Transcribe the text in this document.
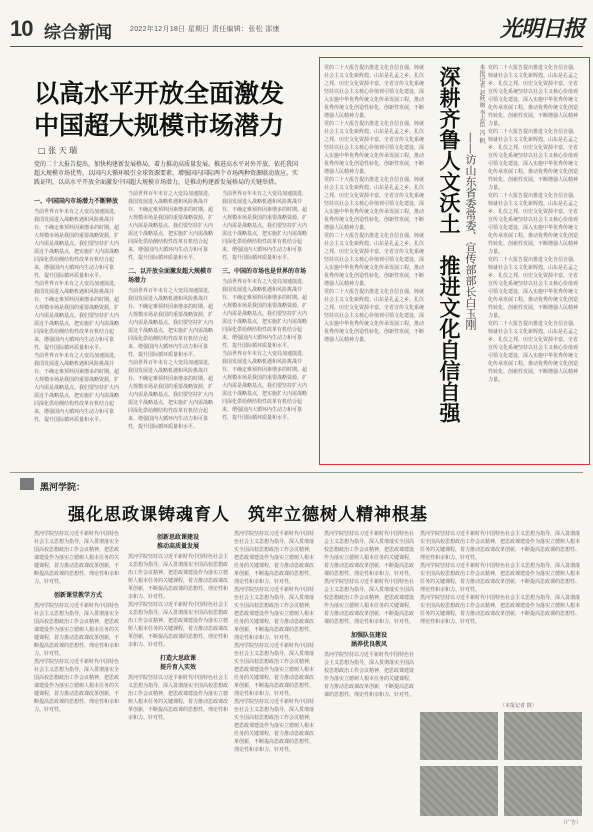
10 综合新闻	2022年12月18日 星期日 责任编辑：张松 邵康	光明日报
以高水平开放全面激发
中国超大规模市场潜力
□ 张 天 瑞
党的二十大报告提出，加快构建新发展格局，着力推动高质量发展。推进高水平对外开放，依托我国超大规模市场优势，以国内大循环吸引全球资源要素，增强国内国际两个市场两种资源联动效应。实践证明，以高水平开放全面激发中国超大规模市场潜力，是推动构建新发展格局的关键举措。
一、中国国内市场潜力不断释放
当前世界百年未有之大变局加速演进，我国发展进入战略机遇和风险挑战并存、不确定难预料因素增多的时期。超大规模市场是我国的重要战略资源，扩大内需是战略基点。我们要坚持扩大内需这个战略基点，把实施扩大内需战略同深化供给侧结构性改革有机结合起来，增强国内大循环内生动力和可靠性，提升国际循环质量和水平。
当前世界百年未有之大变局加速演进，我国发展进入战略机遇和风险挑战并存、不确定难预料因素增多的时期。超大规模市场是我国的重要战略资源，扩大内需是战略基点。我们要坚持扩大内需这个战略基点，把实施扩大内需战略同深化供给侧结构性改革有机结合起来，增强国内大循环内生动力和可靠性，提升国际循环质量和水平。
当前世界百年未有之大变局加速演进，我国发展进入战略机遇和风险挑战并存、不确定难预料因素增多的时期。超大规模市场是我国的重要战略资源，扩大内需是战略基点。我们要坚持扩大内需这个战略基点，把实施扩大内需战略同深化供给侧结构性改革有机结合起来，增强国内大循环内生动力和可靠性，提升国际循环质量和水平。
当前世界百年未有之大变局加速演进，我国发展进入战略机遇和风险挑战并存、不确定难预料因素增多的时期。超大规模市场是我国的重要战略资源，扩大内需是战略基点。我们要坚持扩大内需这个战略基点，把实施扩大内需战略同深化供给侧结构性改革有机结合起来，增强国内大循环内生动力和可靠性，提升国际循环质量和水平。
二、以开放全面激发超大规模市场潜力
当前世界百年未有之大变局加速演进，我国发展进入战略机遇和风险挑战并存、不确定难预料因素增多的时期。超大规模市场是我国的重要战略资源，扩大内需是战略基点。我们要坚持扩大内需这个战略基点，把实施扩大内需战略同深化供给侧结构性改革有机结合起来，增强国内大循环内生动力和可靠性，提升国际循环质量和水平。
当前世界百年未有之大变局加速演进，我国发展进入战略机遇和风险挑战并存、不确定难预料因素增多的时期。超大规模市场是我国的重要战略资源，扩大内需是战略基点。我们要坚持扩大内需这个战略基点，把实施扩大内需战略同深化供给侧结构性改革有机结合起来，增强国内大循环内生动力和可靠性，提升国际循环质量和水平。
当前世界百年未有之大变局加速演进，我国发展进入战略机遇和风险挑战并存、不确定难预料因素增多的时期。超大规模市场是我国的重要战略资源，扩大内需是战略基点。我们要坚持扩大内需这个战略基点，把实施扩大内需战略同深化供给侧结构性改革有机结合起来，增强国内大循环内生动力和可靠性，提升国际循环质量和水平。
三、中国的市场也是世界的市场
当前世界百年未有之大变局加速演进，我国发展进入战略机遇和风险挑战并存、不确定难预料因素增多的时期。超大规模市场是我国的重要战略资源，扩大内需是战略基点。我们要坚持扩大内需这个战略基点，把实施扩大内需战略同深化供给侧结构性改革有机结合起来，增强国内大循环内生动力和可靠性，提升国际循环质量和水平。
当前世界百年未有之大变局加速演进，我国发展进入战略机遇和风险挑战并存、不确定难预料因素增多的时期。超大规模市场是我国的重要战略资源，扩大内需是战略基点。我们要坚持扩大内需这个战略基点，把实施扩大内需战略同深化供给侧结构性改革有机结合起来，增强国内大循环内生动力和可靠性，提升国际循环质量和水平。
党的二十大报告提出推进文化自信自强，铸就社会主义文化新辉煌。山东是孔孟之乡、礼仪之邦，历史文化资源丰富。全省宣传文化系统坚持以社会主义核心价值观引领文化建设，深入实施中华优秀传统文化传承发展工程，推动优秀传统文化创造性转化、创新性发展，不断增强人民精神力量。
党的二十大报告提出推进文化自信自强，铸就社会主义文化新辉煌。山东是孔孟之乡、礼仪之邦，历史文化资源丰富。全省宣传文化系统坚持以社会主义核心价值观引领文化建设，深入实施中华优秀传统文化传承发展工程，推动优秀传统文化创造性转化、创新性发展，不断增强人民精神力量。
党的二十大报告提出推进文化自信自强，铸就社会主义文化新辉煌。山东是孔孟之乡、礼仪之邦，历史文化资源丰富。全省宣传文化系统坚持以社会主义核心价值观引领文化建设，深入实施中华优秀传统文化传承发展工程，推动优秀传统文化创造性转化、创新性发展，不断增强人民精神力量。
党的二十大报告提出推进文化自信自强，铸就社会主义文化新辉煌。山东是孔孟之乡、礼仪之邦，历史文化资源丰富。全省宣传文化系统坚持以社会主义核心价值观引领文化建设，深入实施中华优秀传统文化传承发展工程，推动优秀传统文化创造性转化、创新性发展，不断增强人民精神力量。
党的二十大报告提出推进文化自信自强，铸就社会主义文化新辉煌。山东是孔孟之乡、礼仪之邦，历史文化资源丰富。全省宣传文化系统坚持以社会主义核心价值观引领文化建设，深入实施中华优秀传统文化传承发展工程，推动优秀传统文化创造性转化、创新性发展，不断增强人民精神力量。	深耕齐鲁人文沃土　推进文化自信自强 ——访山东省委常委、宣传部部长白玉刚
本报记者 赵秋丽 李志臣 冯 帆 党的二十大报告提出推进文化自信自强，铸就社会主义文化新辉煌。山东是孔孟之乡、礼仪之邦，历史文化资源丰富。全省宣传文化系统坚持以社会主义核心价值观引领文化建设，深入实施中华优秀传统文化传承发展工程，推动优秀传统文化创造性转化、创新性发展，不断增强人民精神力量。
党的二十大报告提出推进文化自信自强，铸就社会主义文化新辉煌。山东是孔孟之乡、礼仪之邦，历史文化资源丰富。全省宣传文化系统坚持以社会主义核心价值观引领文化建设，深入实施中华优秀传统文化传承发展工程，推动优秀传统文化创造性转化、创新性发展，不断增强人民精神力量。
党的二十大报告提出推进文化自信自强，铸就社会主义文化新辉煌。山东是孔孟之乡、礼仪之邦，历史文化资源丰富。全省宣传文化系统坚持以社会主义核心价值观引领文化建设，深入实施中华优秀传统文化传承发展工程，推动优秀传统文化创造性转化、创新性发展，不断增强人民精神力量。
党的二十大报告提出推进文化自信自强，铸就社会主义文化新辉煌。山东是孔孟之乡、礼仪之邦，历史文化资源丰富。全省宣传文化系统坚持以社会主义核心价值观引领文化建设，深入实施中华优秀传统文化传承发展工程，推动优秀传统文化创造性转化、创新性发展，不断增强人民精神力量。
党的二十大报告提出推进文化自信自强，铸就社会主义文化新辉煌。山东是孔孟之乡、礼仪之邦，历史文化资源丰富。全省宣传文化系统坚持以社会主义核心价值观引领文化建设，深入实施中华优秀传统文化传承发展工程，推动优秀传统文化创造性转化、创新性发展，不断增强人民精神力量。
黑河学院：
强化思政课铸魂育人　筑牢立德树人精神根基
黑河学院坚持以习近平新时代中国特色社会主义思想为指导，深入贯彻落实全国高校思想政治工作会议精神，把思政课建设作为落实立德树人根本任务的关键课程，着力推动思政课改革创新，不断提高思政课的思想性、理论性和亲和力、针对性。
创新课堂教学方式
黑河学院坚持以习近平新时代中国特色社会主义思想为指导，深入贯彻落实全国高校思想政治工作会议精神，把思政课建设作为落实立德树人根本任务的关键课程，着力推动思政课改革创新，不断提高思政课的思想性、理论性和亲和力、针对性。
黑河学院坚持以习近平新时代中国特色社会主义思想为指导，深入贯彻落实全国高校思想政治工作会议精神，把思政课建设作为落实立德树人根本任务的关键课程，着力推动思政课改革创新，不断提高思政课的思想性、理论性和亲和力、针对性。
创新思政课建设
推动高质量发展
黑河学院坚持以习近平新时代中国特色社会主义思想为指导，深入贯彻落实全国高校思想政治工作会议精神，把思政课建设作为落实立德树人根本任务的关键课程，着力推动思政课改革创新，不断提高思政课的思想性、理论性和亲和力、针对性。
黑河学院坚持以习近平新时代中国特色社会主义思想为指导，深入贯彻落实全国高校思想政治工作会议精神，把思政课建设作为落实立德树人根本任务的关键课程，着力推动思政课改革创新，不断提高思政课的思想性、理论性和亲和力、针对性。
打造大思政课
提升育人实效
黑河学院坚持以习近平新时代中国特色社会主义思想为指导，深入贯彻落实全国高校思想政治工作会议精神，把思政课建设作为落实立德树人根本任务的关键课程，着力推动思政课改革创新，不断提高思政课的思想性、理论性和亲和力、针对性。
黑河学院坚持以习近平新时代中国特色社会主义思想为指导，深入贯彻落实全国高校思想政治工作会议精神，把思政课建设作为落实立德树人根本任务的关键课程，着力推动思政课改革创新，不断提高思政课的思想性、理论性和亲和力、针对性。
黑河学院坚持以习近平新时代中国特色社会主义思想为指导，深入贯彻落实全国高校思想政治工作会议精神，把思政课建设作为落实立德树人根本任务的关键课程，着力推动思政课改革创新，不断提高思政课的思想性、理论性和亲和力、针对性。
黑河学院坚持以习近平新时代中国特色社会主义思想为指导，深入贯彻落实全国高校思想政治工作会议精神，把思政课建设作为落实立德树人根本任务的关键课程，着力推动思政课改革创新，不断提高思政课的思想性、理论性和亲和力、针对性。
黑河学院坚持以习近平新时代中国特色社会主义思想为指导，深入贯彻落实全国高校思想政治工作会议精神，把思政课建设作为落实立德树人根本任务的关键课程，着力推动思政课改革创新，不断提高思政课的思想性、理论性和亲和力、针对性。
黑河学院坚持以习近平新时代中国特色社会主义思想为指导，深入贯彻落实全国高校思想政治工作会议精神，把思政课建设作为落实立德树人根本任务的关键课程，着力推动思政课改革创新，不断提高思政课的思想性、理论性和亲和力、针对性。
黑河学院坚持以习近平新时代中国特色社会主义思想为指导，深入贯彻落实全国高校思想政治工作会议精神，把思政课建设作为落实立德树人根本任务的关键课程，着力推动思政课改革创新，不断提高思政课的思想性、理论性和亲和力、针对性。
加强队伍建设
涵养优良教风
黑河学院坚持以习近平新时代中国特色社会主义思想为指导，深入贯彻落实全国高校思想政治工作会议精神，把思政课建设作为落实立德树人根本任务的关键课程，着力推动思政课改革创新，不断提高思政课的思想性、理论性和亲和力、针对性。
黑河学院坚持以习近平新时代中国特色社会主义思想为指导，深入贯彻落实全国高校思想政治工作会议精神，把思政课建设作为落实立德树人根本任务的关键课程，着力推动思政课改革创新，不断提高思政课的思想性、理论性和亲和力、针对性。
黑河学院坚持以习近平新时代中国特色社会主义思想为指导，深入贯彻落实全国高校思想政治工作会议精神，把思政课建设作为落实立德树人根本任务的关键课程，着力推动思政课改革创新，不断提高思政课的思想性、理论性和亲和力、针对性。
黑河学院坚持以习近平新时代中国特色社会主义思想为指导，深入贯彻落实全国高校思想政治工作会议精神，把思政课建设作为落实立德树人根本任务的关键课程，着力推动思政课改革创新，不断提高思政课的思想性、理论性和亲和力、针对性。
（本报记者 摄）
（广告）
